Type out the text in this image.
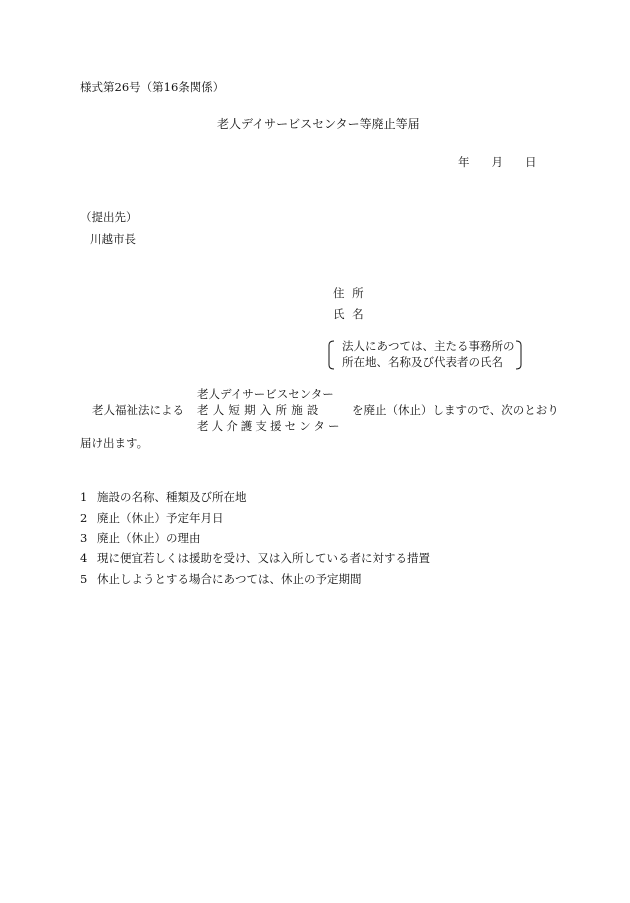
様式第26号（第16条関係）
老人デイサービスセンター等廃止等届
年 月 日
（提出先）
川越市長
住 所
氏 名
法人にあつては、主たる事務所の
所在地、名称及び代表者の氏名
老人福祉法による
老人デイサービスセンター
老人短期入所施設
老人介護支援センター
を廃止（休止）しますので、次のとおり
届け出ます。
1 施設の名称、種類及び所在地
2 廃止（休止）予定年月日
3 廃止（休止）の理由
4 現に便宜若しくは援助を受け、又は入所している者に対する措置
5 休止しようとする場合にあつては、休止の予定期間
